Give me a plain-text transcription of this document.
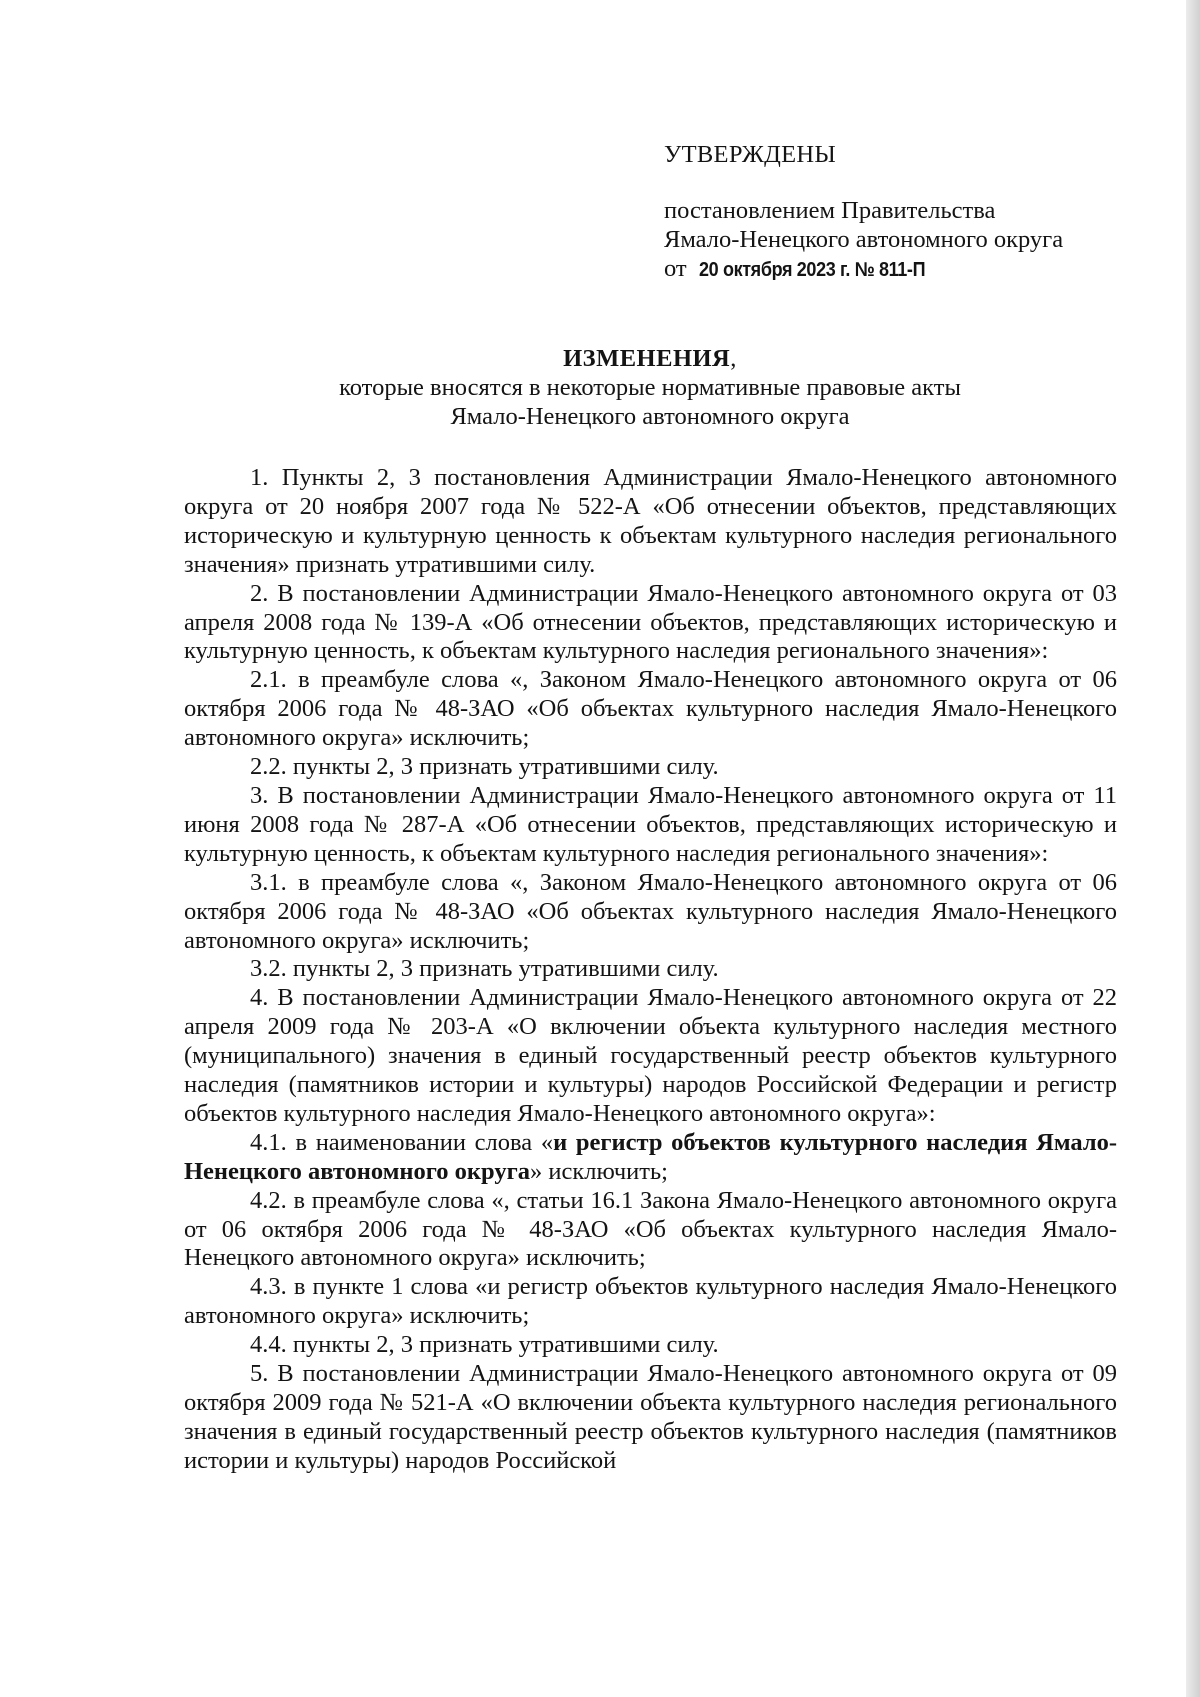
УТВЕРЖДЕНЫ

постановлением Правительства

Ямало-Ненецкого автономного округа

от 20 октября 2023 г. № 811-П

ИЗМЕНЕНИЯ,

которые вносятся в некоторые нормативные правовые акты

Ямало-Ненецкого автономного округа

1. Пункты 2, 3 постановления Администрации Ямало-Ненецкого автономного округа от 20 ноября 2007 года № 522-А «Об отнесении объектов, представляющих историческую и культурную ценность к объектам культурного наследия регионального значения» признать утратившими силу.

2. В постановлении Администрации Ямало-Ненецкого автономного округа от 03 апреля 2008 года № 139-А «Об отнесении объектов, представляющих историческую и культурную ценность, к объектам культурного наследия регионального значения»:

2.1. в преамбуле слова «, Законом Ямало-Ненецкого автономного округа от 06 октября 2006 года № 48-ЗАО «Об объектах культурного наследия Ямало-Ненецкого автономного округа» исключить;

2.2. пункты 2, 3 признать утратившими силу.

3. В постановлении Администрации Ямало-Ненецкого автономного округа от 11 июня 2008 года № 287-А «Об отнесении объектов, представляющих историческую и культурную ценность, к объектам культурного наследия регионального значения»:

3.1. в преамбуле слова «, Законом Ямало-Ненецкого автономного округа от 06 октября 2006 года № 48-ЗАО «Об объектах культурного наследия Ямало-Ненецкого автономного округа» исключить;

3.2. пункты 2, 3 признать утратившими силу.

4. В постановлении Администрации Ямало-Ненецкого автономного округа от 22 апреля 2009 года № 203-А «О включении объекта культурного наследия местного (муниципального) значения в единый государственный реестр объектов культурного наследия (памятников истории и культуры) народов Российской Федерации и регистр объектов культурного наследия Ямало-Ненецкого автономного округа»:

4.1. в наименовании слова «и регистр объектов культурного наследия Ямало-Ненецкого автономного округа» исключить;

4.2. в преамбуле слова «, статьи 16.1 Закона Ямало-Ненецкого автономного округа от 06 октября 2006 года № 48-ЗАО «Об объектах культурного наследия Ямало-Ненецкого автономного округа» исключить;

4.3. в пункте 1 слова «и регистр объектов культурного наследия Ямало-Ненецкого автономного округа» исключить;

4.4. пункты 2, 3 признать утратившими силу.

5. В постановлении Администрации Ямало-Ненецкого автономного округа от 09 октября 2009 года № 521-А «О включении объекта культурного наследия регионального значения в единый государственный реестр объектов культурного наследия (памятников истории и культуры) народов Российской
